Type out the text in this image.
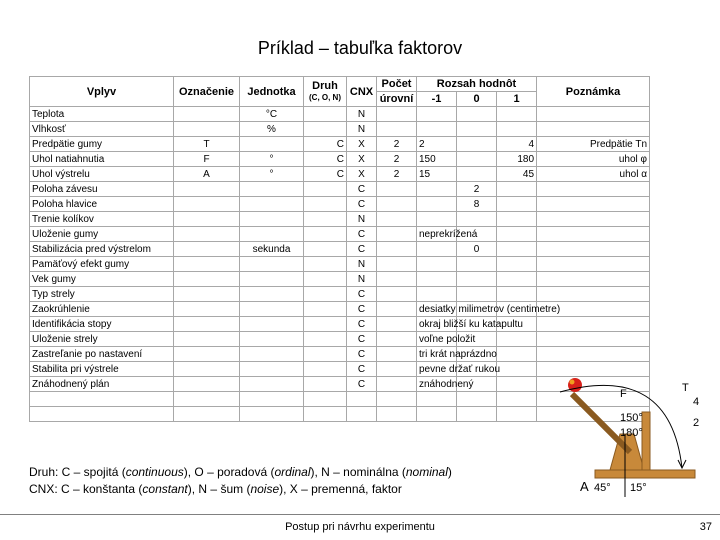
Príklad – tabuľka faktorov
Vplyv	Označenie	Jednotka	Druh
(C, O, N)	CNX	Počet	Rozsah hodnôt			Poznámka
					úrovní	-1	0	1	
Teplota		°C		N					
Vlhkosť		%		N					
Predpätie gumy	T		C	X	2	2		4	Predpätie Tn
Uhol natiahnutia	F	°	C	X	2	150		180	uhol φ
Uhol výstrelu	A	°	C	X	2	15		45	uhol α
Poloha závesu				C			2		
Poloha hlavice				C			8		
Trenie kolíkov				N					
Uloženie gumy				C		neprekrížená			
Stabilizácia pred výstrelom		sekunda		C			0		
Pamäťový efekt gumy				N					
Vek gumy				N					
Typ strely				C					
Zaokrúhlenie				C		desiatky milimetrov (centimetre)			
Identifikácia stopy				C		okraj bližší ku katapultu			
Uloženie strely				C		voľne položit			
Zastreľanie po nastavení				C		tri krát naprázdno			
Stabilita pri výstrele				C		pevne držať rukou			
Znáhodnený plán				C		znáhodnený			

F	T
4
2
150°
180°
A 45° 15°
Druh: C – spojitá (continuous), O – poradová (ordinal), N – nominálna (nominal)
CNX: C – konštanta (constant), N – šum (noise), X – premenná, faktor
Postup pri návrhu experimentu	37
